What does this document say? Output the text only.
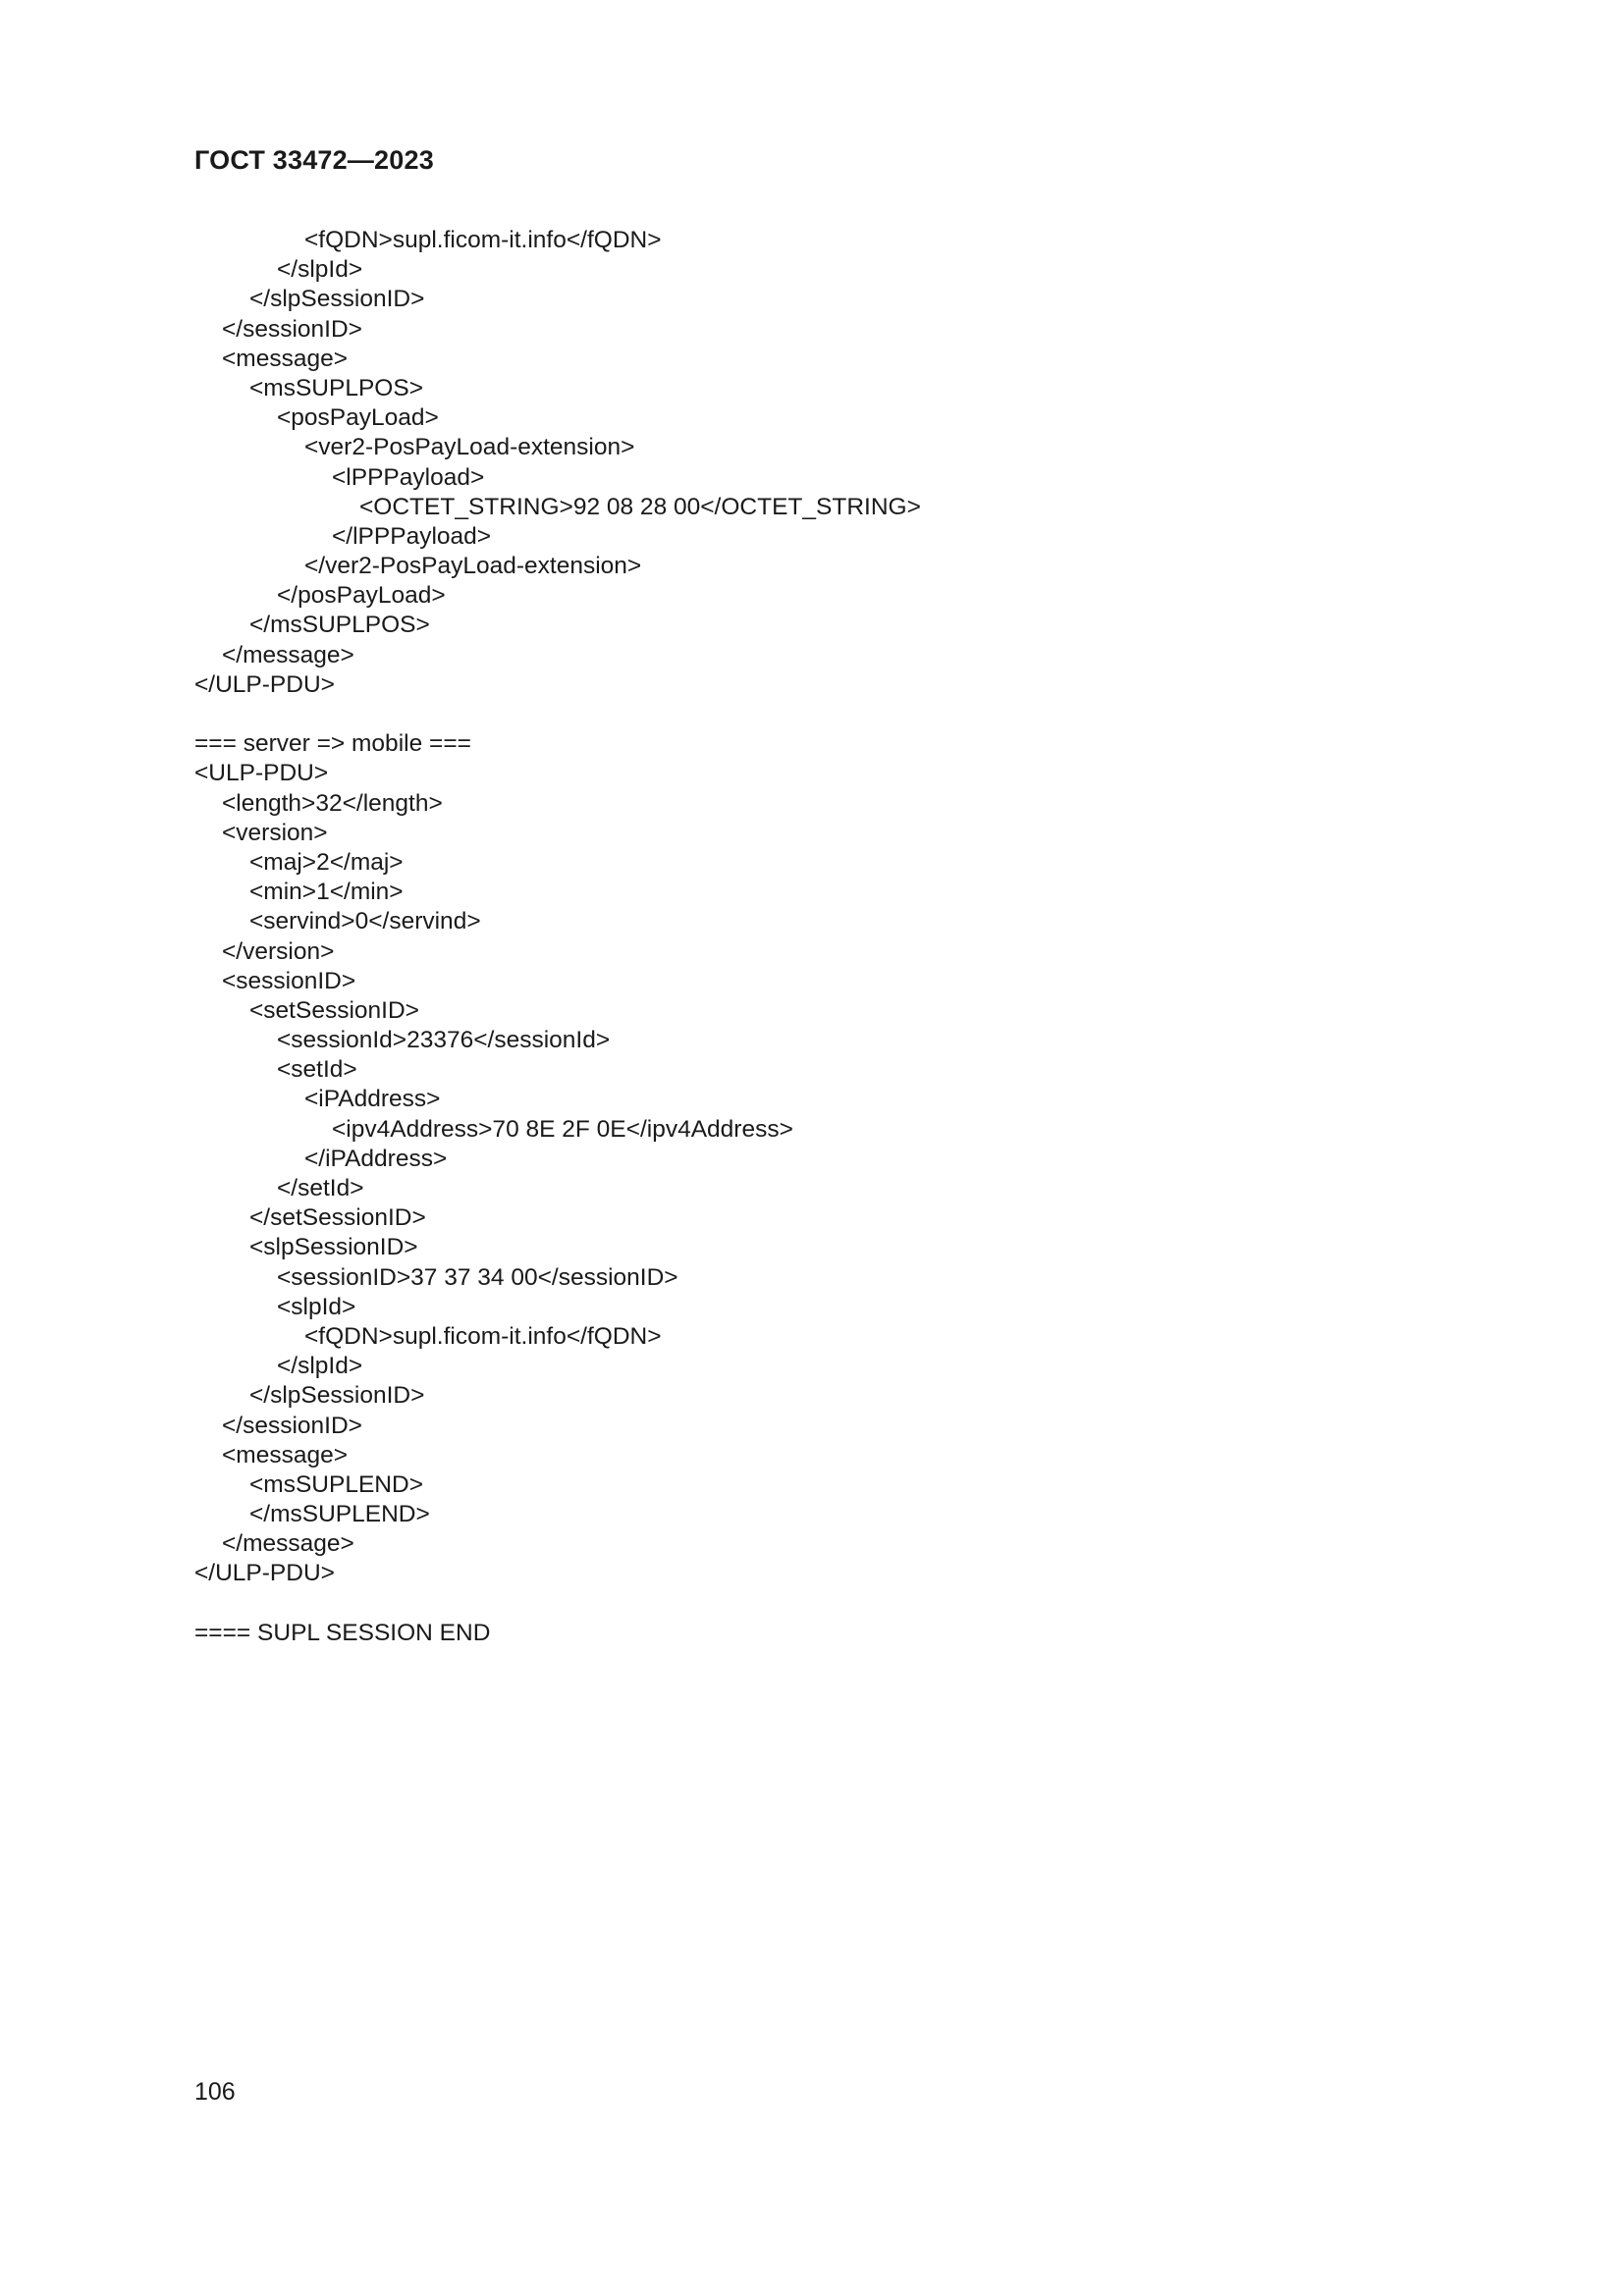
ГОСТ 33472—2023
<fQDN>supl.ficom-it.info</fQDN>
</slpId>
</slpSessionID>
</sessionID>
<message>
<msSUPLPOS>
<posPayLoad>
<ver2-PosPayLoad-extension>
<lPPPayload>
<OCTET_STRING>92 08 28 00</OCTET_STRING>
</lPPPayload>
</ver2-PosPayLoad-extension>
</posPayLoad>
</msSUPLPOS>
</message>
</ULP-PDU>
=== server => mobile ===
<ULP-PDU>
<length>32</length>
<version>
<maj>2</maj>
<min>1</min>
<servind>0</servind>
</version>
<sessionID>
<setSessionID>
<sessionId>23376</sessionId>
<setId>
<iPAddress>
<ipv4Address>70 8E 2F 0E</ipv4Address>
</iPAddress>
</setId>
</setSessionID>
<slpSessionID>
<sessionID>37 37 34 00</sessionID>
<slpId>
<fQDN>supl.ficom-it.info</fQDN>
</slpId>
</slpSessionID>
</sessionID>
<message>
<msSUPLEND>
</msSUPLEND>
</message>
</ULP-PDU>
==== SUPL SESSION END
106
